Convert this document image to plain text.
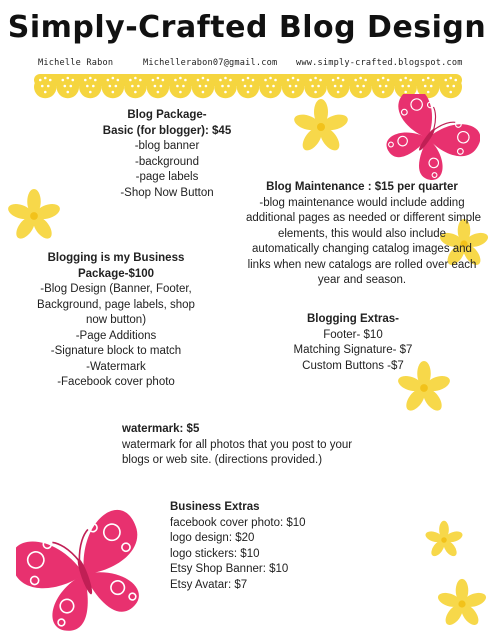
Simply-Crafted Blog Design
Michelle Rabon	Michellerabon07@gmail.com www.simply-crafted.blogspot.com
Blog Package-
Basic (for blogger): $45
-blog banner
-background
-page labels
-Shop Now Button	Blog Maintenance : $15 per quarter
-blog maintenance would include adding
additional pages as needed or different simple
elements, this would also include
automatically changing catalog images and
links when new catalogs are rolled over each
year and season.
Blogging is my Business
Package-$100
-Blog Design (Banner, Footer,
Background, page labels, shop
now button)
-Page Additions
-Signature block to match
-Watermark
-Facebook cover photo
Blogging Extras-
Footer- $10
Matching Signature- $7
Custom Buttons -$7
watermark: $5
watermark for all photos that you post to your
blogs or web site. (directions provided.)
Business Extras
facebook cover photo: $10
logo design: $20
logo stickers: $10
Etsy Shop Banner: $10
Etsy Avatar: $7
